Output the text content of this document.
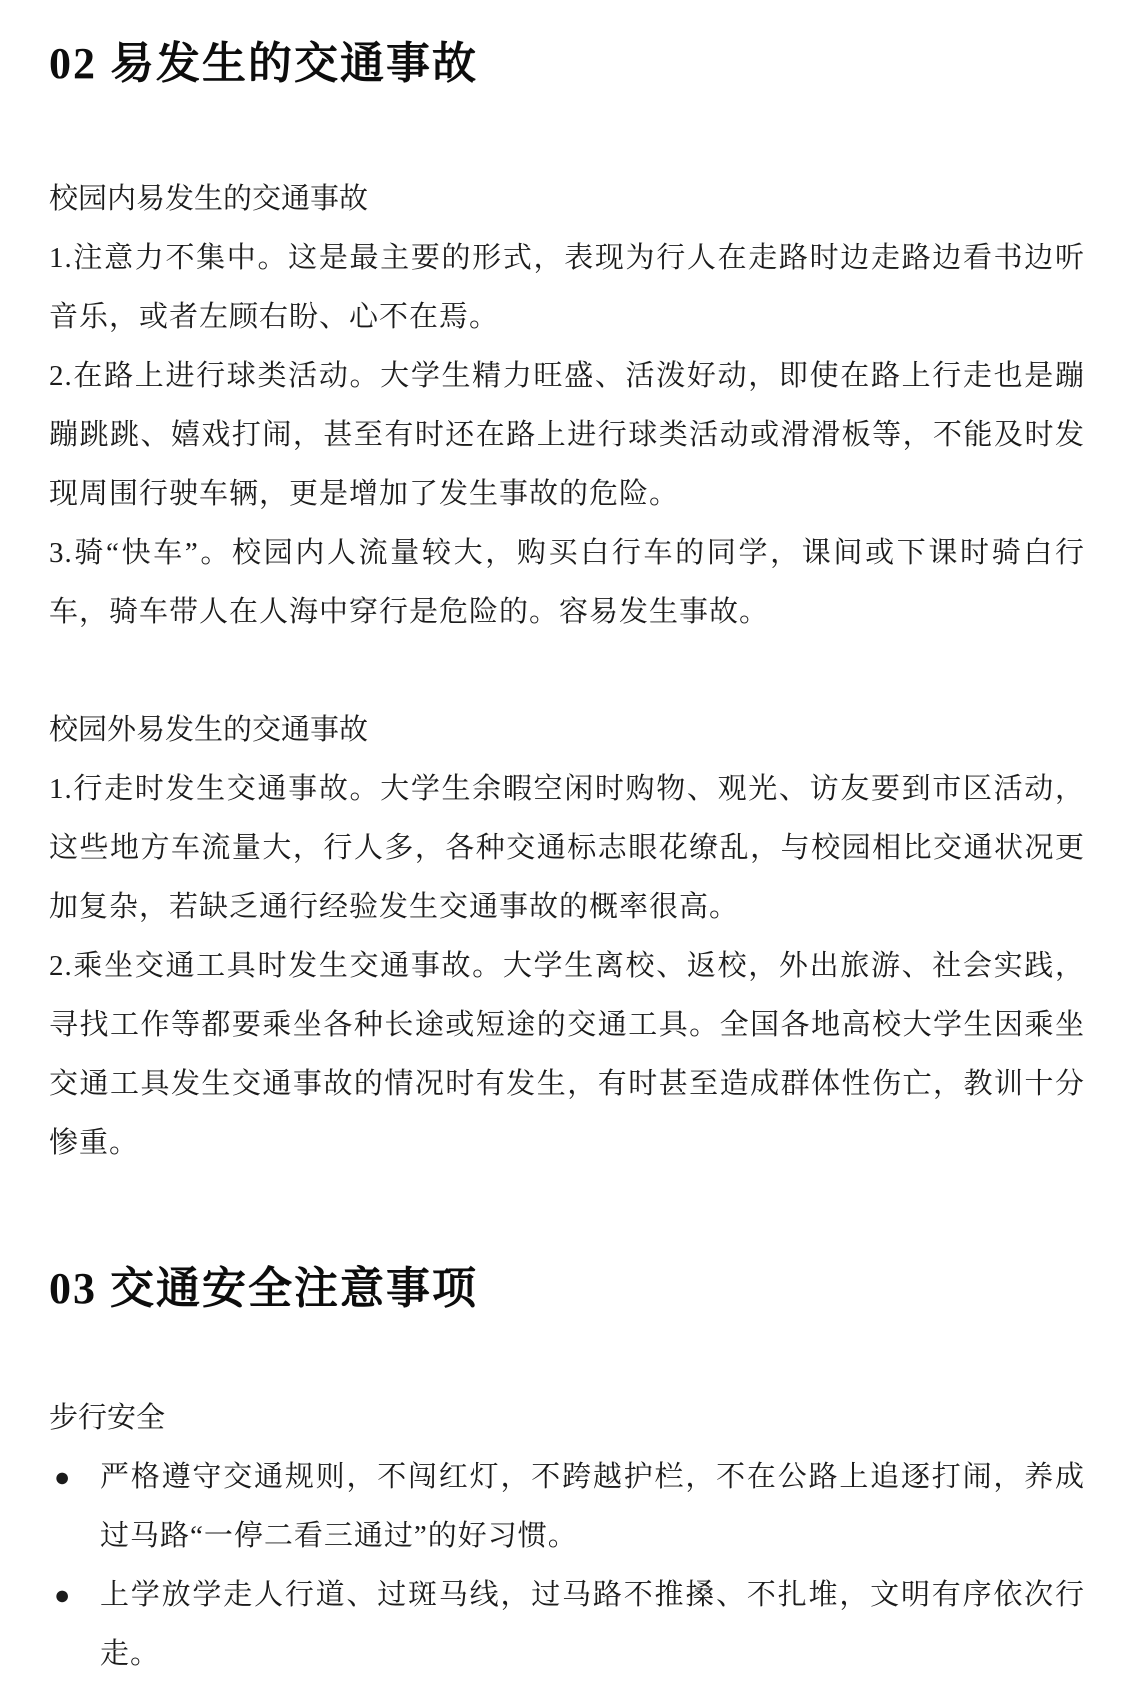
02 易发生的交通事故

校园内易发生的交通事故

1.注意力不集中。这是最主要的形式，表现为行人在走路时边走路边看书边听音乐，或者左顾右盼、心不在焉。

2.在路上进行球类活动。大学生精力旺盛、活泼好动，即使在路上行走也是蹦蹦跳跳、嬉戏打闹，甚至有时还在路上进行球类活动或滑滑板等，不能及时发现周围行驶车辆，更是增加了发生事故的危险。

3.骑“快车”。校园内人流量较大，购买白行车的同学，课间或下课时骑白行车，骑车带人在人海中穿行是危险的。容易发生事故。

校园外易发生的交通事故

1.行走时发生交通事故。大学生余暇空闲时购物、观光、访友要到市区活动，这些地方车流量大，行人多，各种交通标志眼花缭乱，与校园相比交通状况更加复杂，若缺乏通行经验发生交通事故的概率很高。

2.乘坐交通工具时发生交通事故。大学生离校、返校，外出旅游、社会实践，寻找工作等都要乘坐各种长途或短途的交通工具。全国各地高校大学生因乘坐交通工具发生交通事故的情况时有发生，有时甚至造成群体性伤亡，教训十分惨重。

03 交通安全注意事项

步行安全

● 严格遵守交通规则，不闯红灯，不跨越护栏，不在公路上追逐打闹，养成过马路“一停二看三通过”的好习惯。
● 上学放学走人行道、过斑马线，过马路不推搡、不扎堆，文明有序依次行走。
